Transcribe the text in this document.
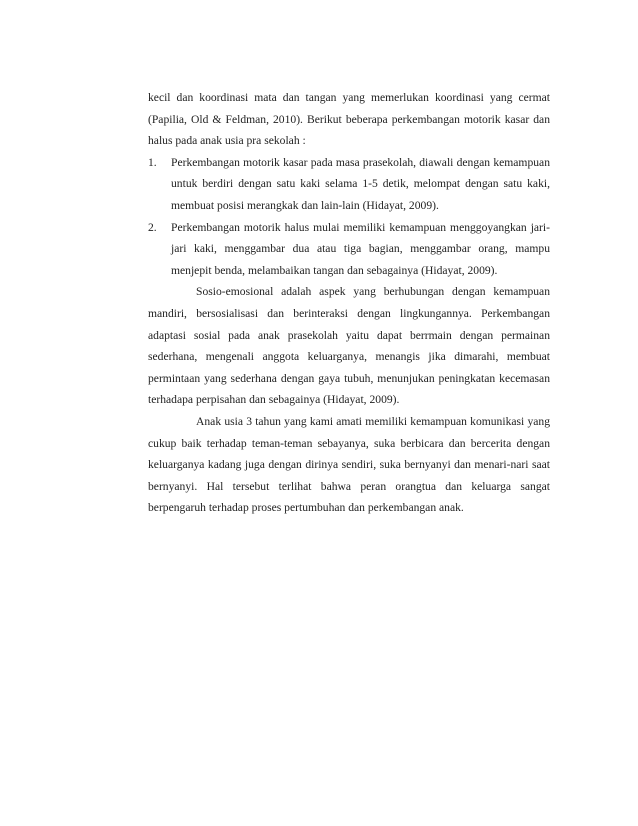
kecil dan koordinasi mata dan tangan yang memerlukan koordinasi yang cermat (Papilia, Old & Feldman, 2010). Berikut beberapa perkembangan motorik kasar dan halus pada anak usia pra sekolah :

1. Perkembangan motorik kasar pada masa prasekolah, diawali dengan kemampuan untuk berdiri dengan satu kaki selama 1-5 detik, melompat dengan satu kaki, membuat posisi merangkak dan lain-lain (Hidayat, 2009).
2. Perkembangan motorik halus mulai memiliki kemampuan menggoyangkan jari-jari kaki, menggambar dua atau tiga bagian, menggambar orang, mampu menjepit benda, melambaikan tangan dan sebagainya (Hidayat, 2009).

Sosio-emosional adalah aspek yang berhubungan dengan kemampuan mandiri, bersosialisasi dan berinteraksi dengan lingkungannya. Perkembangan adaptasi sosial pada anak prasekolah yaitu dapat berrmain dengan permainan sederhana, mengenali anggota keluarganya, menangis jika dimarahi, membuat permintaan yang sederhana dengan gaya tubuh, menunjukan peningkatan kecemasan terhadapa perpisahan dan sebagainya (Hidayat, 2009).

Anak usia 3 tahun yang kami amati memiliki kemampuan komunikasi yang cukup baik terhadap teman-teman sebayanya, suka berbicara dan bercerita dengan keluarganya kadang juga dengan dirinya sendiri, suka bernyanyi dan menari-nari saat bernyanyi. Hal tersebut terlihat bahwa peran orangtua dan keluarga sangat berpengaruh terhadap proses pertumbuhan dan perkembangan anak.
